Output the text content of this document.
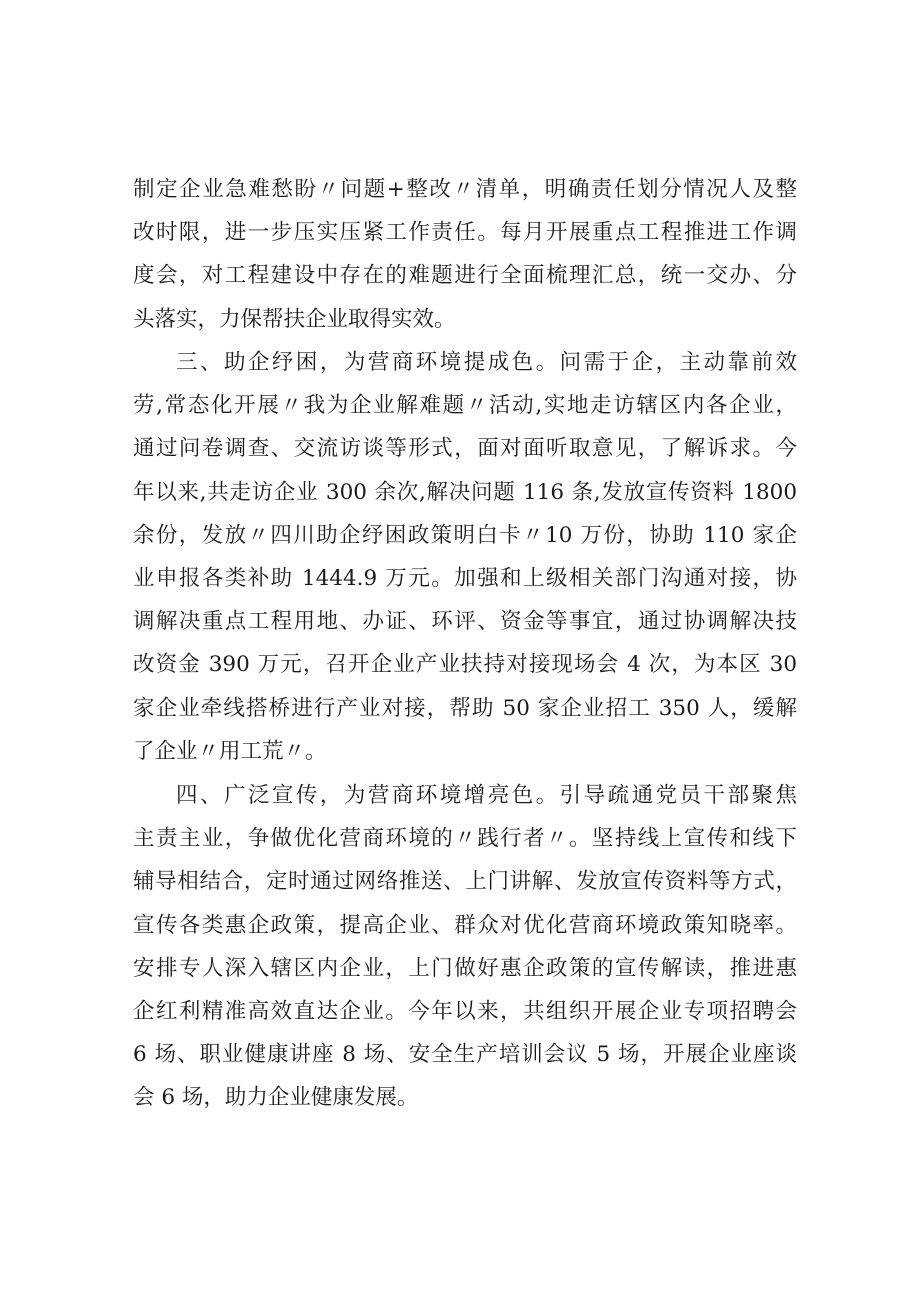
制定企业急难愁盼〃问题+整改〃清单，明确责任划分情况人及整
改时限，进一步压实压紧工作责任。每月开展重点工程推进工作调
度会，对工程建设中存在的难题进行全面梳理汇总，统一交办、分
头落实，力保帮扶企业取得实效。
三、助企纾困，为营商环境提成色。问需于企，主动靠前效
劳,常态化开展〃我为企业解难题〃活动,实地走访辖区内各企业，
通过问卷调查、交流访谈等形式，面对面听取意见，了解诉求。今
年以来,共走访企业 300 余次,解决问题 116 条,发放宣传资料 1800
余份，发放〃四川助企纾困政策明白卡〃10 万份，协助 110 家企
业申报各类补助 1444.9 万元。加强和上级相关部门沟通对接，协
调解决重点工程用地、办证、环评、资金等事宜，通过协调解决技
改资金 390 万元，召开企业产业扶持对接现场会 4 次，为本区 30
家企业牵线搭桥进行产业对接，帮助 50 家企业招工 350 人，缓解
了企业〃用工荒〃。
四、广泛宣传，为营商环境增亮色。引导疏通党员干部聚焦
主责主业，争做优化营商环境的〃践行者〃。坚持线上宣传和线下
辅导相结合，定时通过网络推送、上门讲解、发放宣传资料等方式，
宣传各类惠企政策，提高企业、群众对优化营商环境政策知晓率。
安排专人深入辖区内企业，上门做好惠企政策的宣传解读，推进惠
企红利精准高效直达企业。今年以来，共组织开展企业专项招聘会
6 场、职业健康讲座 8 场、安全生产培训会议 5 场，开展企业座谈
会 6 场，助力企业健康发展。
